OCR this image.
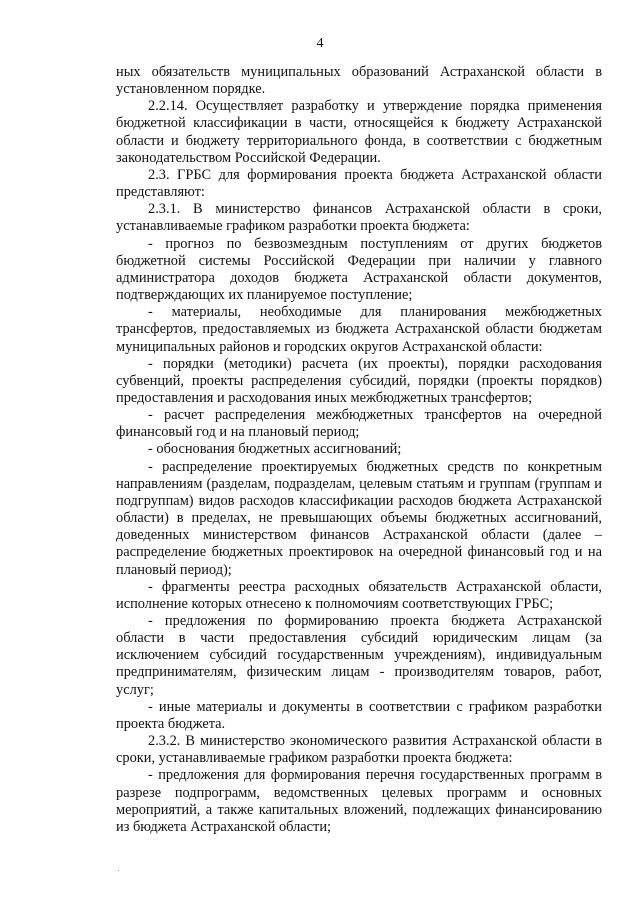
4

ных обязательств муниципальных образований Астраханской области в установленном порядке.

2.2.14. Осуществляет разработку и утверждение порядка применения бюджетной классификации в части, относящейся к бюджету Астраханской области и бюджету территориального фонда, в соответствии с бюджетным законодательством Российской Федерации.

2.3. ГРБС для формирования проекта бюджета Астраханской области представляют:

2.3.1. В министерство финансов Астраханской области в сроки, устанавливаемые графиком разработки проекта бюджета:

- прогноз по безвозмездным поступлениям от других бюджетов бюджетной системы Российской Федерации при наличии у главного администратора доходов бюджета Астраханской области документов, подтверждающих их планируемое поступление;

- материалы, необходимые для планирования межбюджетных трансфертов, предоставляемых из бюджета Астраханской области бюджетам муниципальных районов и городских округов Астраханской области:

- порядки (методики) расчета (их проекты), порядки расходования субвенций, проекты распределения субсидий, порядки (проекты порядков) предоставления и расходования иных межбюджетных трансфертов;

- расчет распределения межбюджетных трансфертов на очередной финансовый год и на плановый период;

- обоснования бюджетных ассигнований;

- распределение проектируемых бюджетных средств по конкретным направлениям (разделам, подразделам, целевым статьям и группам (группам и подгруппам) видов расходов классификации расходов бюджета Астраханской области) в пределах, не превышающих объемы бюджетных ассигнований, доведенных министерством финансов Астраханской области (далее – распределение бюджетных проектировок на очередной финансовый год и на плановый период);

- фрагменты реестра расходных обязательств Астраханской области, исполнение которых отнесено к полномочиям соответствующих ГРБС;

- предложения по формированию проекта бюджета Астраханской области в части предоставления субсидий юридическим лицам (за исключением субсидий государственным учреждениям), индивидуальным предпринимателям, физическим лицам - производителям товаров, работ, услуг;

- иные материалы и документы в соответствии с графиком разработки проекта бюджета.

2.3.2. В министерство экономического развития Астраханской области в сроки, устанавливаемые графиком разработки проекта бюджета:

- предложения для формирования перечня государственных программ в разрезе подпрограмм, ведомственных целевых программ и основных мероприятий, а также капитальных вложений, подлежащих финансированию из бюджета Астраханской области;
